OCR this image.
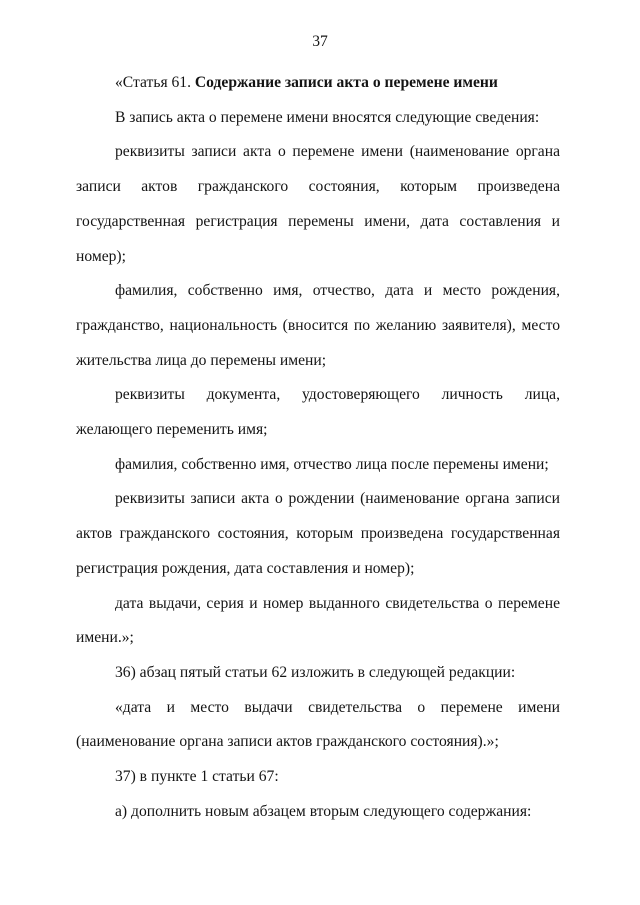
37

«Статья 61. Содержание записи акта о перемене имени

В запись акта о перемене имени вносятся следующие сведения:

реквизиты записи акта о перемене имени (наименование органа записи актов гражданского состояния, которым произведена государственная регистрация перемены имени, дата составления и номер);

фамилия, собственно имя, отчество, дата и место рождения, гражданство, национальность (вносится по желанию заявителя), место жительства лица до перемены имени;

реквизиты документа, удостоверяющего личность лица, желающего переменить имя;

фамилия, собственно имя, отчество лица после перемены имени;

реквизиты записи акта о рождении (наименование органа записи актов гражданского состояния, которым произведена государственная регистрация рождения, дата составления и номер);

дата выдачи, серия и номер выданного свидетельства о перемене имени.»;

36) абзац пятый статьи 62 изложить в следующей редакции:

«дата и место выдачи свидетельства о перемене имени (наименование органа записи актов гражданского состояния).»;

37) в пункте 1 статьи 67:

а) дополнить новым абзацем вторым следующего содержания:
